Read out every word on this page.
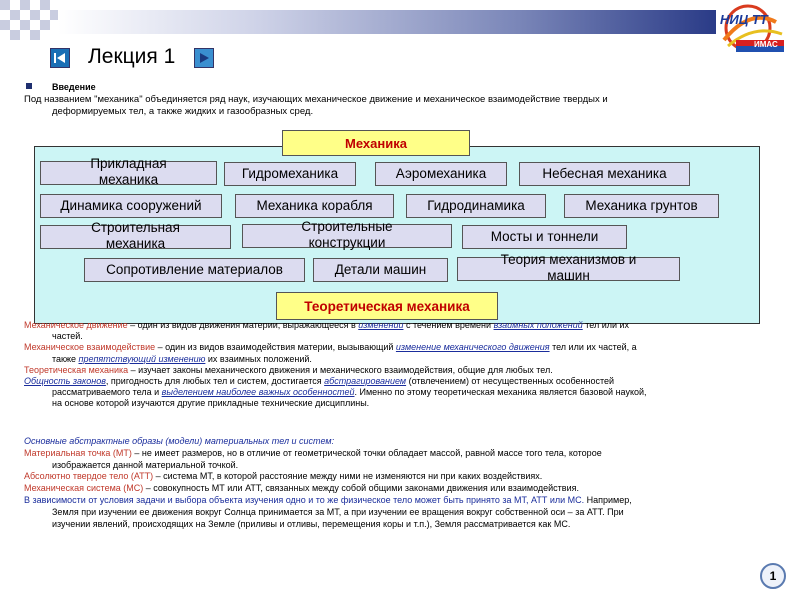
НИЦ ТТ
ИМАС
Лекция 1
Введение
Под названием "механика" объединяется ряд наук, изучающих механическое движение и механическое взаимодействие твердых и
деформируемых тел, а также жидких и газообразных сред.
Механика
Прикладная
механика	Гидромеханика	Аэромеханика	Небесная механика
Динамика сооружений	Механика корабля	Гидродинамика	Механика грунтов
Строительная
механика
Строительные
конструкции	Мосты и тоннели
Сопротивление материалов	Детали машин
Теория механизмов и
машин
Теоретическая механика

Механическое движение – один из видов движения материи, выражающееся в изменении с течением времени взаимных положений тел или их
частей.

Механическое взаимодействие – один из видов взаимодействия материи, вызывающий изменение механического движения тел или их частей, а
также препятствующий изменению их взаимных положений.

Теоретическая механика – изучает законы механического движения и механического взаимодействия, общие для любых тел.

Общность законов, пригодность для любых тел и систем, достигается абстрагированием (отвлечением) от несущественных особенностей
рассматриваемого тела и выделением наиболее важных особенностей. Именно по этому теоретическая механика является базовой наукой,
на основе которой изучаются другие прикладные технические дисциплины.

Основные абстрактные образы (модели) материальных тел и систем:

Материальная точка (МТ) – не имеет размеров, но в отличие от геометрической точки обладает массой, равной массе того тела, которое
изображается данной материальной точкой.

Абсолютно твердое тело (АТТ) – система МТ, в которой расстояние между ними не изменяются ни при каких воздействиях.

Механическая система (МС) – совокупность МТ или АТТ, связанных между собой общими законами движения или взаимодействия.

В зависимости от условия задачи и выбора объекта изучения одно и то же физическое тело может быть принято за МТ, АТТ или МС. Например,
Земля при изучении ее движения вокруг Солнца принимается за МТ, а при изучении ее вращения вокруг собственной оси – за АТТ. При
изучении явлений, происходящих на Земле (приливы и отливы, перемещения коры и т.п.), Земля рассматривается как МС.

1
